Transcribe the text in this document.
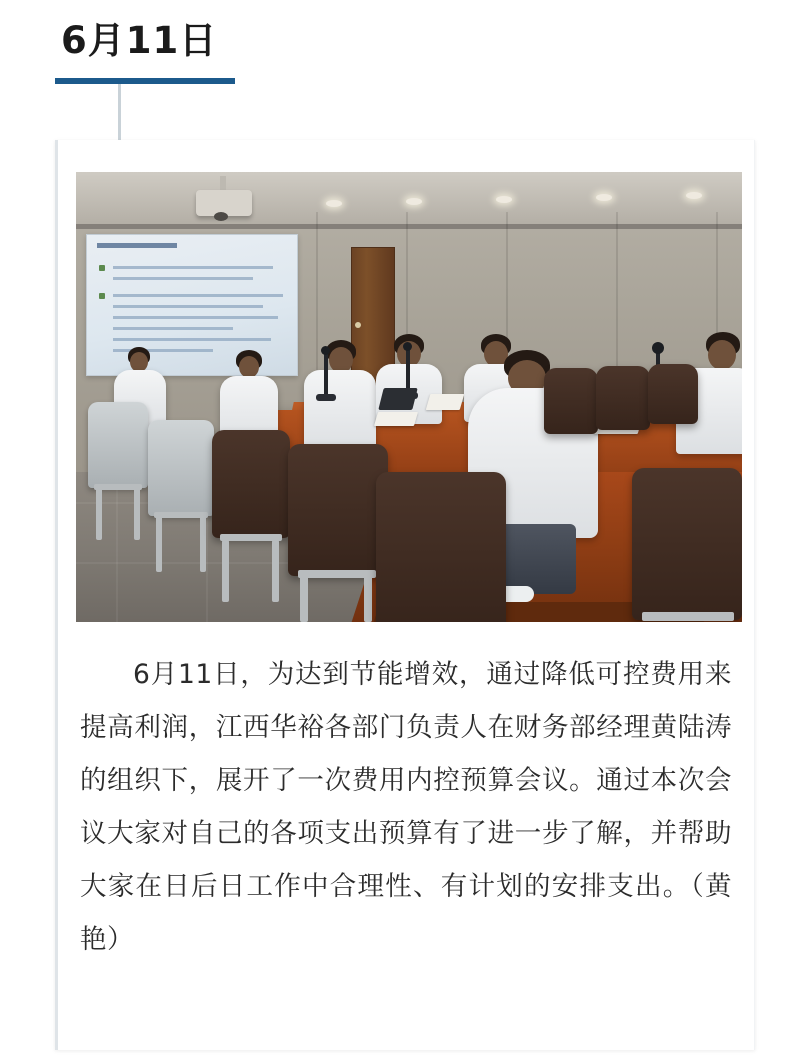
6月11日

6月11日，为达到节能增效，通过降低可控费用来提高利润，江西华裕各部门负责人在财务部经理黄陆涛的组织下，展开了一次费用内控预算会议。通过本次会议大家对自己的各项支出预算有了进一步了解，并帮助大家在日后日工作中合理性、有计划的安排支出。（黄艳）
